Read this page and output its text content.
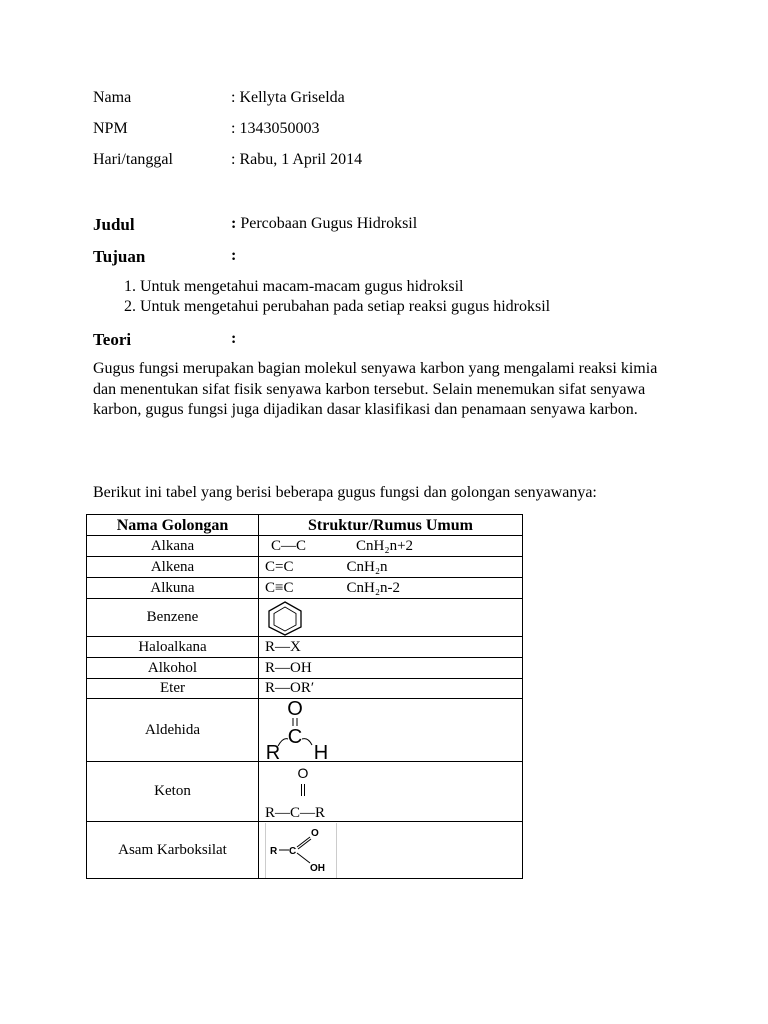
Nama	: Kellyta Griselda
NPM	: 1343050003
Hari/tanggal	: Rabu, 1 April 2014
Judul	: Percobaan Gugus Hidroksil
Tujuan	:
1. Untuk mengetahui macam-macam gugus hidroksil
2. Untuk mengetahui perubahan pada setiap reaksi gugus hidroksil
Teori	:
Gugus fungsi merupakan bagian molekul senyawa karbon yang mengalami reaksi kimia dan menentukan sifat fisik senyawa karbon tersebut. Selain menemukan sifat senyawa karbon, gugus fungsi juga dijadikan dasar klasifikasi dan penamaan senyawa karbon.
Berikut ini tabel yang berisi beberapa gugus fungsi dan golongan senyawanya:
Nama Golongan	Struktur/Rumus Umum
Alkana	C—C CnH₂n+2
Alkena	C=C CnH₂n
Alkuna	C≡C CnH₂n-2
Benzene	

Haloalkana	R—X
Alkohol	R—OH
Eter	R—OR′
Aldehida	O
C
R H

Keton	O
R—C—R

Asam Karboksilat	R C
O
OH
